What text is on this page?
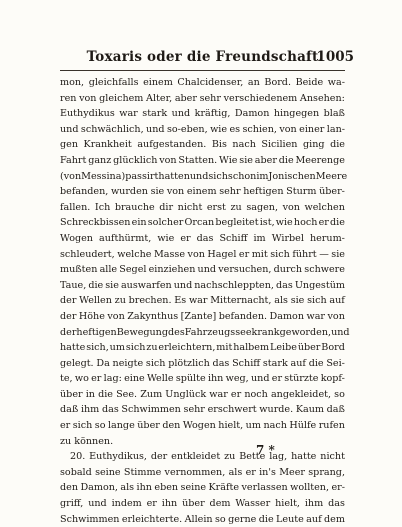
Toxaris oder die Freundschaft.
1005
mon, gleichfalls einem Chalcidenser, an Bord. Beide wa-
ren von gleichem Alter, aber sehr verschiedenem Ansehen:
Euthydikus war stark und kräftig, Damon hingegen blaß
und schwächlich, und so-eben, wie es schien, von einer lan-
gen Krankheit aufgestanden. Bis nach Sicilien ging die
Fahrt ganz glücklich von Statten. Wie sie aber die Meerenge
(von Messina) passirt hatten und sich schon im Jonischen Meere
befanden, wurden sie von einem sehr heftigen Sturm über-
fallen. Ich brauche dir nicht erst zu sagen, von welchen
Schreckbissen ein solcher Orcan begleitet ist, wie hoch er die
Wogen aufthürmt, wie er das Schiff im Wirbel herum-
schleudert, welche Masse von Hagel er mit sich führt — sie
mußten alle Segel einziehen und versuchen, durch schwere
Taue, die sie auswarfen und nachschleppten, das Ungestüm
der Wellen zu brechen. Es war Mitternacht, als sie sich auf
der Höhe von Zakynthus [Zante] befanden. Damon war von
der heftigen Bewegung des Fahrzeugs seekrank geworden, und
hatte sich, um sich zu erleichtern, mit halbem Leibe über Bord
gelegt. Da neigte sich plötzlich das Schiff stark auf die Sei-
te, wo er lag: eine Welle spülte ihn weg, und er stürzte kopf-
über in die See. Zum Unglück war er noch angekleidet, so
daß ihm das Schwimmen sehr erschwert wurde. Kaum daß
er sich so lange über den Wogen hielt, um nach Hülfe rufen
zu können.
20. Euthydikus, der entkleidet zu Bette lag, hatte nicht
sobald seine Stimme vernommen, als er in's Meer sprang,
den Damon, als ihn eben seine Kräfte verlassen wollten, er-
griff, und indem er ihn über dem Wasser hielt, ihm das
Schwimmen erleichterte. Allein so gerne die Leute auf dem
7 *
